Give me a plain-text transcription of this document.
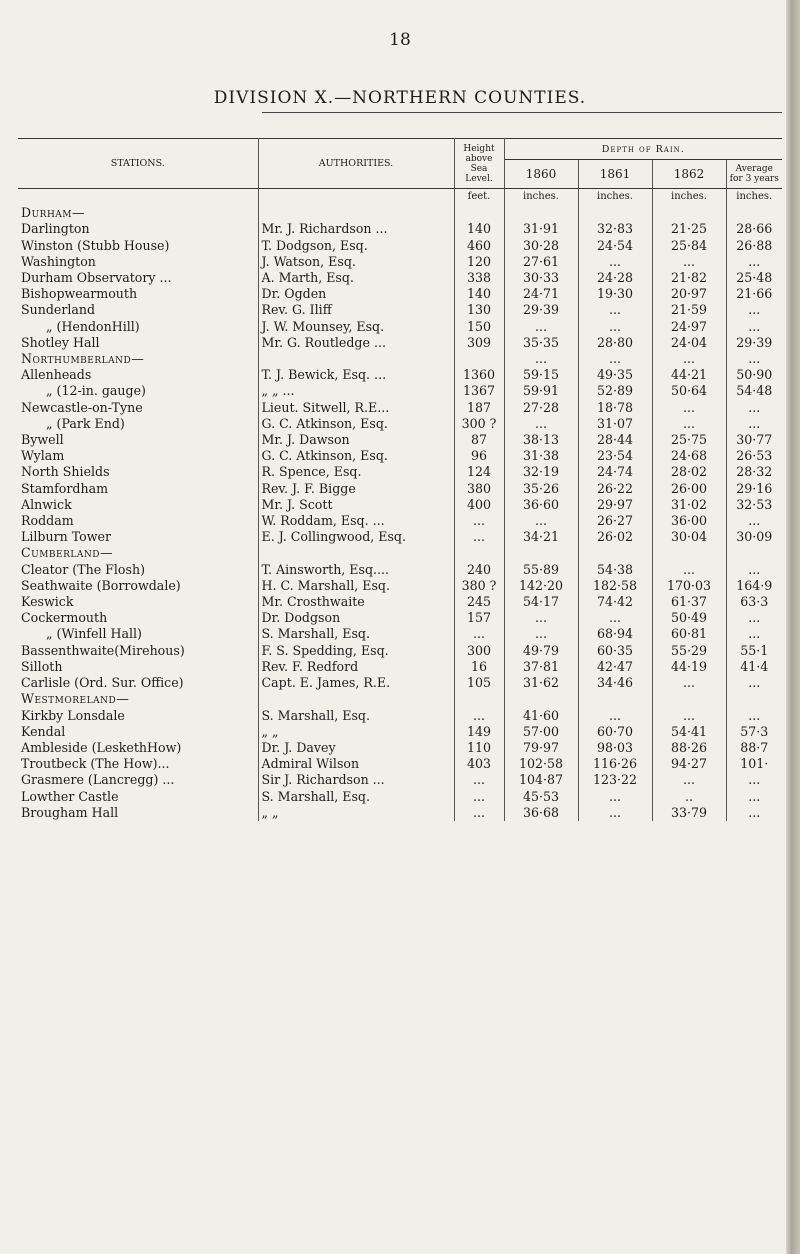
18
DIVISION X.—NORTHERN COUNTIES.
STATIONS.	AUTHORITIES.	Height above Sea Level.	Depth of Rain.			
			1860	1861	1862	Average for 3 years
		feet.	inches.	inches.	inches.	inches.
Durham—						
Darlington	Mr. J. Richardson ...	140	31·91	32·83	21·25	28·66
Winston (Stubb House)	T. Dodgson, Esq.	460	30·28	24·54	25·84	26·88
Washington	J. Watson, Esq.	120	27·61	...	...	...
Durham Observatory ...	A. Marth, Esq.	338	30·33	24·28	21·82	25·48
Bishopwearmouth	Dr. Ogden	140	24·71	19·30	20·97	21·66
Sunderland	Rev. G. Iliff	130	29·39	...	21·59	...
„ (HendonHill)	J. W. Mounsey, Esq.	150	...	...	24·97	...
Shotley Hall	Mr. G. Routledge ...	309	35·35	28·80	24·04	29·39
Northumberland—			...	...	...	...
Allenheads	T. J. Bewick, Esq. ...	1360	59·15	49·35	44·21	50·90
„ (12-in. gauge)	„ „ ...	1367	59·91	52·89	50·64	54·48
Newcastle-on-Tyne	Lieut. Sitwell, R.E...	187	27·28	18·78	...	...
„ (Park End)	G. C. Atkinson, Esq.	300 ?	...	31·07	...	...
Bywell	Mr. J. Dawson	87	38·13	28·44	25·75	30·77
Wylam	G. C. Atkinson, Esq.	96	31·38	23·54	24·68	26·53
North Shields	R. Spence, Esq.	124	32·19	24·74	28·02	28·32
Stamfordham	Rev. J. F. Bigge	380	35·26	26·22	26·00	29·16
Alnwick	Mr. J. Scott	400	36·60	29·97	31·02	32·53
Roddam	W. Roddam, Esq. ...	...	...	26·27	36·00	...
Lilburn Tower	E. J. Collingwood, Esq.	...	34·21	26·02	30·04	30·09
Cumberland—						
Cleator (The Flosh)	T. Ainsworth, Esq....	240	55·89	54·38	...	...
Seathwaite (Borrowdale)	H. C. Marshall, Esq.	380 ?	142·20	182·58	170·03	164·9
Keswick	Mr. Crosthwaite	245	54·17	74·42	61·37	63·3
Cockermouth	Dr. Dodgson	157	...	...	50·49	...
„ (Winfell Hall)	S. Marshall, Esq.	...	...	68·94	60·81	...
Bassenthwaite(Mirehous)	F. S. Spedding, Esq.	300	49·79	60·35	55·29	55·1
Silloth	Rev. F. Redford	16	37·81	42·47	44·19	41·4
Carlisle (Ord. Sur. Office)	Capt. E. James, R.E.	105	31·62	34·46	...	...
Westmoreland—						
Kirkby Lonsdale	S. Marshall, Esq.	...	41·60	...	...	...
Kendal	„ „	149	57·00	60·70	54·41	57·3
Ambleside (LeskethHow)	Dr. J. Davey	110	79·97	98·03	88·26	88·7
Troutbeck (The How)...	Admiral Wilson	403	102·58	116·26	94·27	101·
Grasmere (Lancregg) ...	Sir J. Richardson ...	...	104·87	123·22	...	...
Lowther Castle	S. Marshall, Esq.	...	45·53	...	..	...
Brougham Hall	„ „	...	36·68	...	33·79	...
